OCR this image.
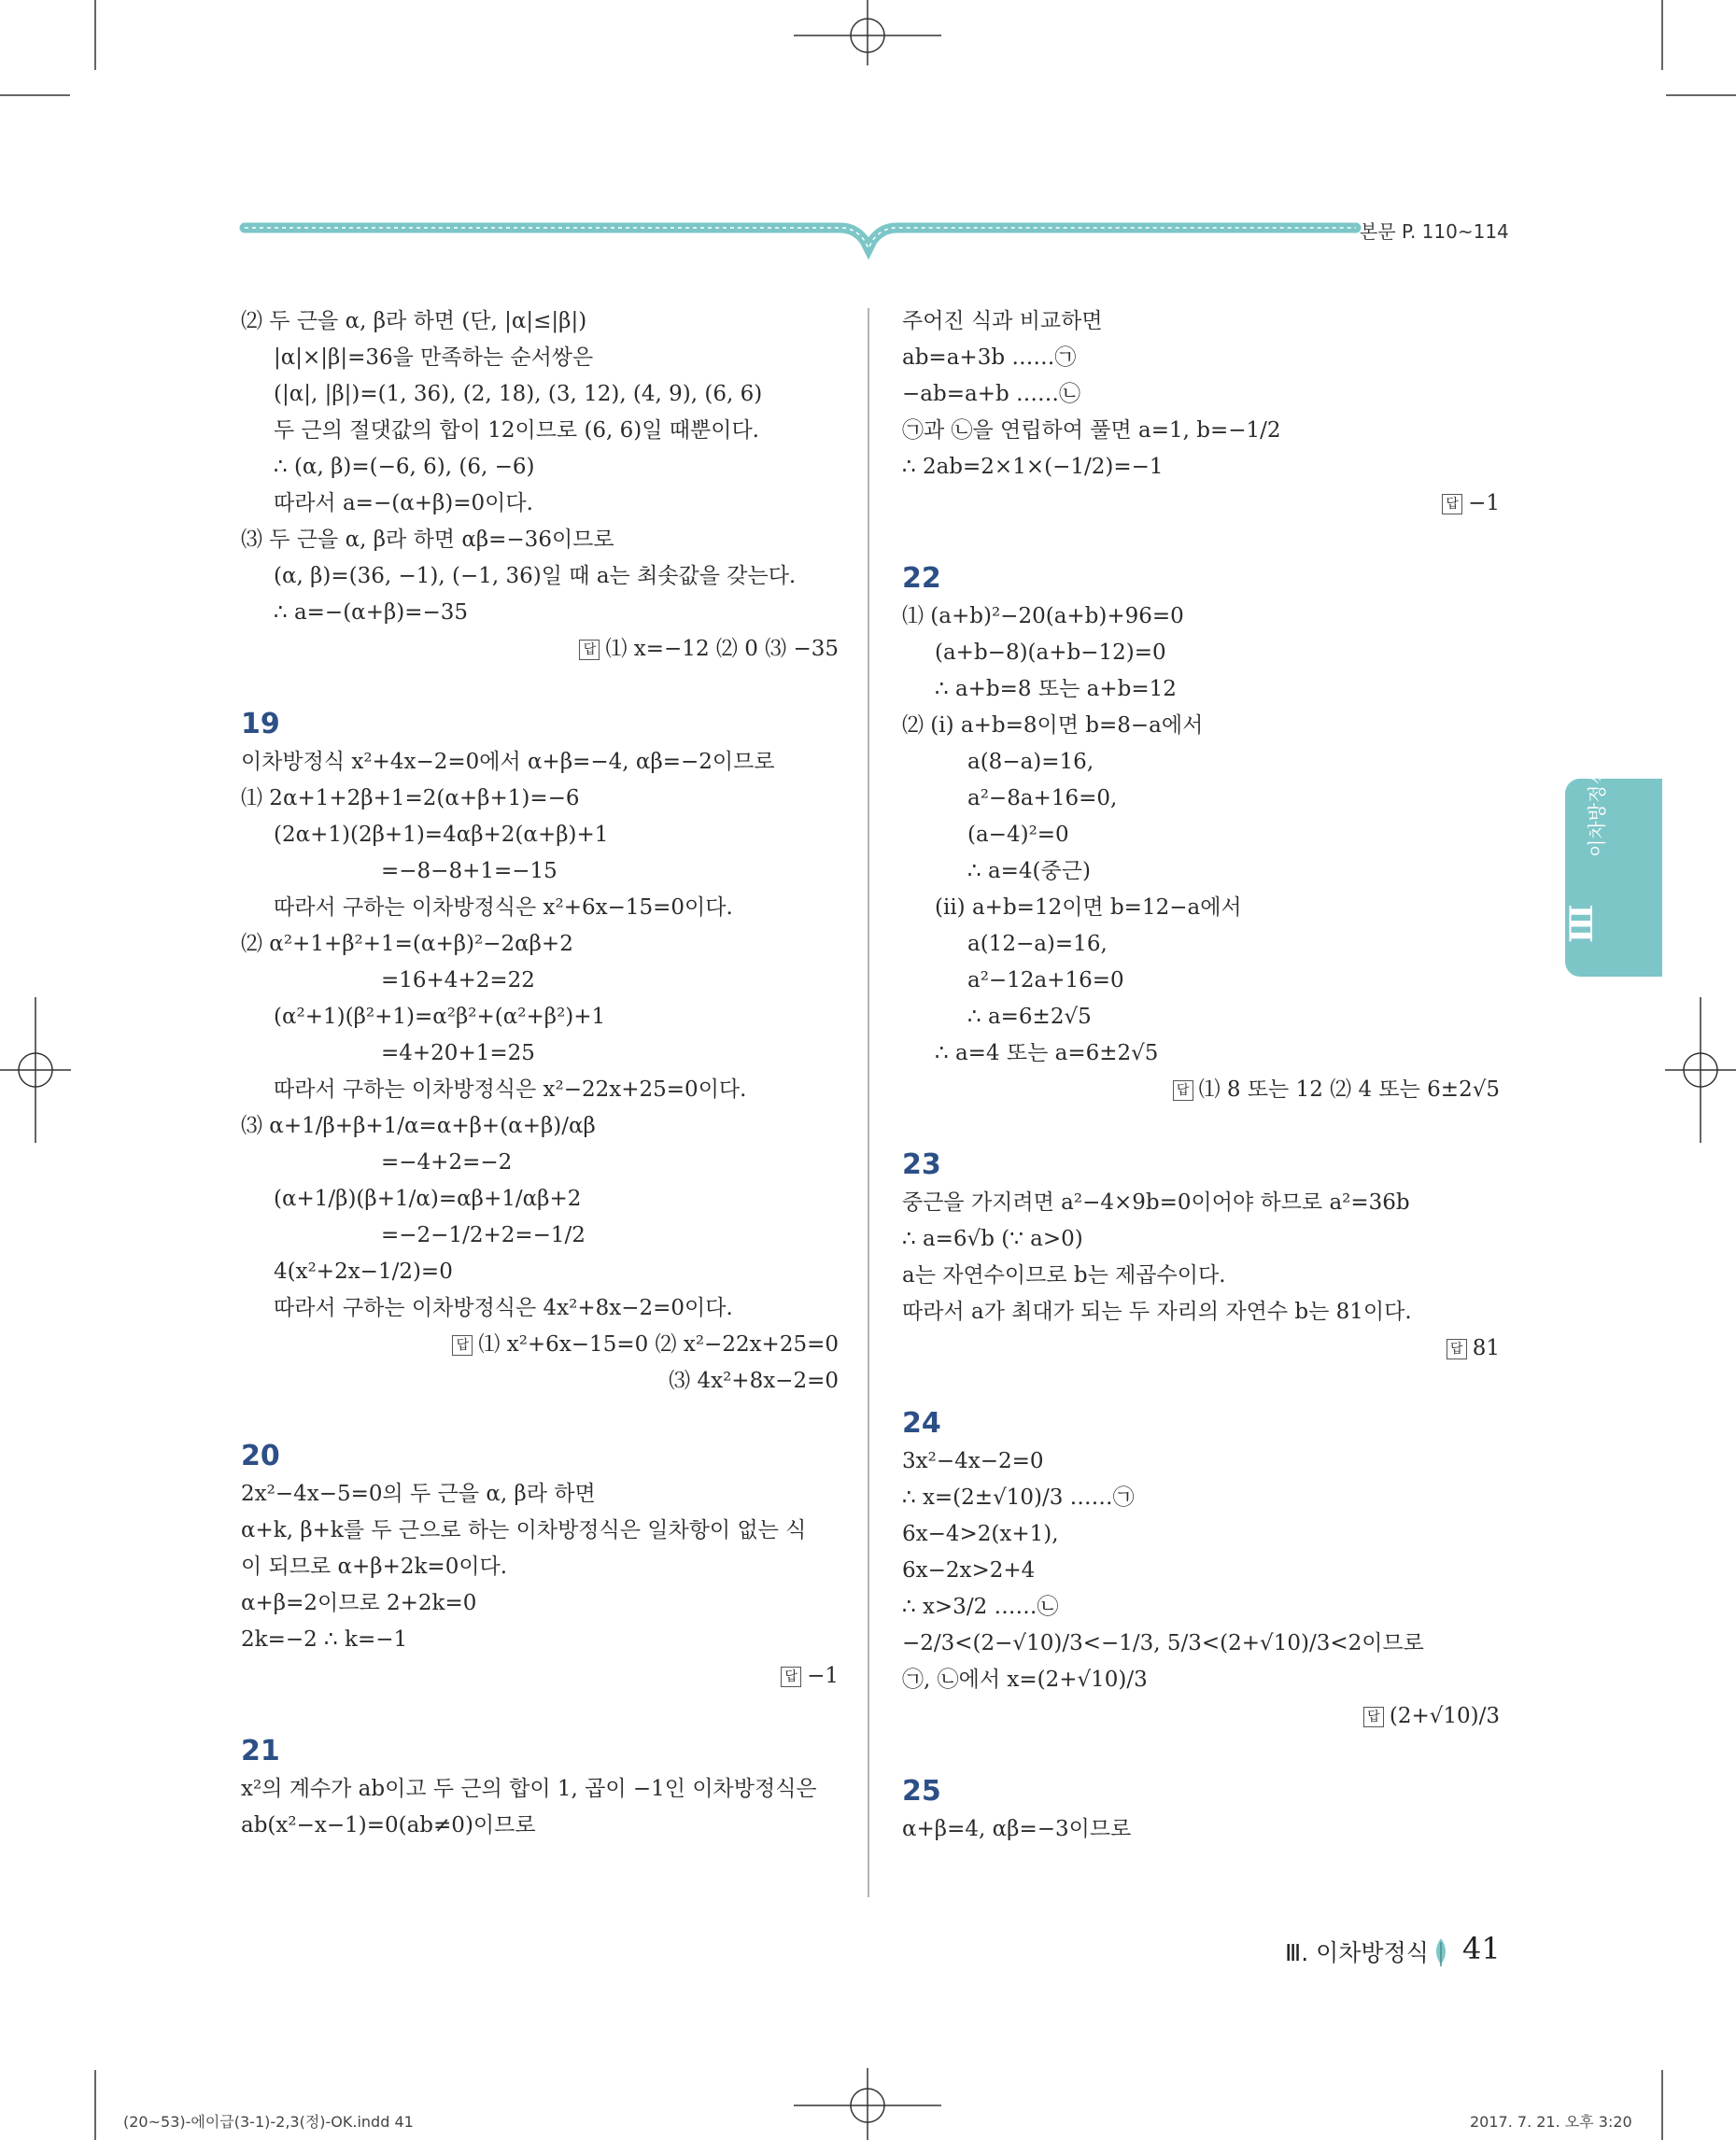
본문 P. 110~114
⑵ 두 근을 α, β라 하면 (단, |α|≤|β|)
|α|×|β|=36을 만족하는 순서쌍은
(|α|, |β|)=(1, 36), (2, 18), (3, 12), (4, 9), (6, 6)
두 근의 절댓값의 합이 12이므로 (6, 6)일 때뿐이다.
∴ (α, β)=(−6, 6), (6, −6)
따라서 a=−(α+β)=0이다.
⑶ 두 근을 α, β라 하면 αβ=−36이므로
(α, β)=(36, −1), (−1, 36)일 때 a는 최솟값을 갖는다.
∴ a=−(α+β)=−35
답 ⑴ x=−12 ⑵ 0 ⑶ −35
19
이차방정식 x²+4x−2=0에서 α+β=−4, αβ=−2이므로
⑴ 2α+1+2β+1=2(α+β+1)=−6
(2α+1)(2β+1)=4αβ+2(α+β)+1
=−8−8+1=−15
따라서 구하는 이차방정식은 x²+6x−15=0이다.
⑵ α²+1+β²+1=(α+β)²−2αβ+2
=16+4+2=22
(α²+1)(β²+1)=α²β²+(α²+β²)+1
=4+20+1=25
따라서 구하는 이차방정식은 x²−22x+25=0이다.
⑶ α+1/β+β+1/α=α+β+(α+β)/αβ
=−4+2=−2
(α+1/β)(β+1/α)=αβ+1/αβ+2
=−2−1/2+2=−1/2
4(x²+2x−1/2)=0
따라서 구하는 이차방정식은 4x²+8x−2=0이다.
답 ⑴ x²+6x−15=0 ⑵ x²−22x+25=0
⑶ 4x²+8x−2=0
20
2x²−4x−5=0의 두 근을 α, β라 하면
α+k, β+k를 두 근으로 하는 이차방정식은 일차항이 없는 식
이 되므로 α+β+2k=0이다.
α+β=2이므로 2+2k=0
2k=−2 ∴ k=−1
답 −1
21
x²의 계수가 ab이고 두 근의 합이 1, 곱이 −1인 이차방정식은
ab(x²−x−1)=0(ab≠0)이므로
주어진 식과 비교하면
ab=a+3b ……㉠
−ab=a+b ……㉡
㉠과 ㉡을 연립하여 풀면 a=1, b=−1/2
∴ 2ab=2×1×(−1/2)=−1
답 −1
22
⑴ (a+b)²−20(a+b)+96=0
(a+b−8)(a+b−12)=0
∴ a+b=8 또는 a+b=12
⑵ (ⅰ) a+b=8이면 b=8−a에서
a(8−a)=16,
a²−8a+16=0,
(a−4)²=0
∴ a=4(중근)
(ⅱ) a+b=12이면 b=12−a에서
a(12−a)=16,
a²−12a+16=0
∴ a=6±2√5
∴ a=4 또는 a=6±2√5
답 ⑴ 8 또는 12 ⑵ 4 또는 6±2√5
23
중근을 가지려면 a²−4×9b=0이어야 하므로 a²=36b
∴ a=6√b (∵ a>0)
a는 자연수이므로 b는 제곱수이다.
따라서 a가 최대가 되는 두 자리의 자연수 b는 81이다.
답 81
24
3x²−4x−2=0
∴ x=(2±√10)/3 ……㉠
6x−4>2(x+1),
6x−2x>2+4
∴ x>3/2 ……㉡
−2/3<(2−√10)/3<−1/3, 5/3<(2+√10)/3<2이므로
㉠, ㉡에서 x=(2+√10)/3
답 (2+√10)/3
25
α+β=4, αβ=−3이므로
이차방정식
Ⅲ
Ⅲ. 이차방정식 41
(20~53)-에이급(3-1)-2,3(정)-OK.indd 41	2017. 7. 21. 오후 3:20
